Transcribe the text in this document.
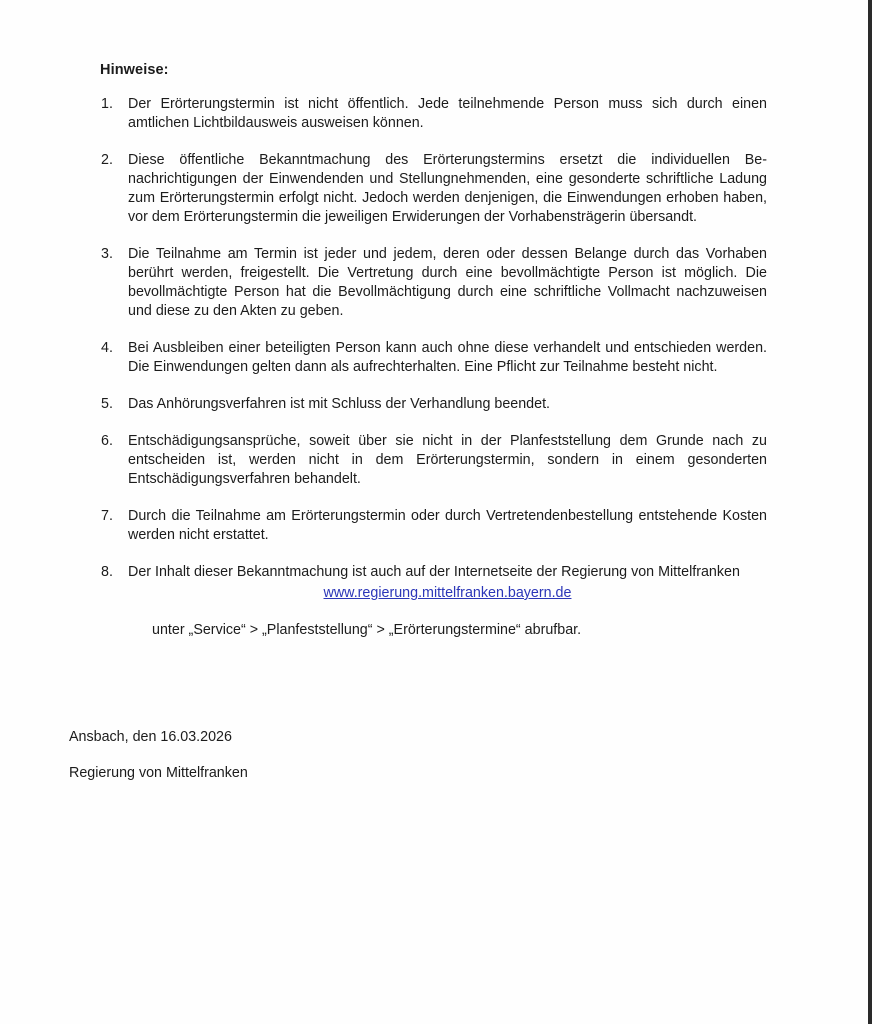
Hinweise:
1.	Der Erörterungstermin ist nicht öffentlich. Jede teilnehmende Person muss sich durch einen amtlichen Lichtbildausweis ausweisen können.
2.	Diese öffentliche Bekanntmachung des Erörterungstermins ersetzt die individuellen Benachrichtigungen der Einwendenden und Stellungnehmenden, eine gesonderte schriftliche Ladung zum Erörterungstermin erfolgt nicht. Jedoch werden denjenigen, die Einwendungen erhoben haben, vor dem Erörterungstermin die jeweiligen Erwiderungen der Vorhabensträgerin übersandt.
3.	Die Teilnahme am Termin ist jeder und jedem, deren oder dessen Belange durch das Vorhaben berührt werden, freigestellt. Die Vertretung durch eine bevollmächtigte Person ist möglich. Die bevollmächtigte Person hat die Bevollmächtigung durch eine schriftliche Vollmacht nachzuweisen und diese zu den Akten zu geben.
4.	Bei Ausbleiben einer beteiligten Person kann auch ohne diese verhandelt und entschieden werden. Die Einwendungen gelten dann als aufrechterhalten. Eine Pflicht zur Teilnahme besteht nicht.
5.	Das Anhörungsverfahren ist mit Schluss der Verhandlung beendet.
6.	Entschädigungsansprüche, soweit über sie nicht in der Planfeststellung dem Grunde nach zu entscheiden ist, werden nicht in dem Erörterungstermin, sondern in einem gesonderten Entschädigungsverfahren behandelt.
7.	Durch die Teilnahme am Erörterungstermin oder durch Vertretendenbestellung entstehende Kosten werden nicht erstattet.
8.	Der Inhalt dieser Bekanntmachung ist auch auf der Internetseite der Regierung von Mittelfranken
www.regierung.mittelfranken.bayern.de
unter „Service“ > „Planfeststellung“ > „Erörterungstermine“ abrufbar.
Ansbach, den 16.03.2026
Regierung von Mittelfranken
